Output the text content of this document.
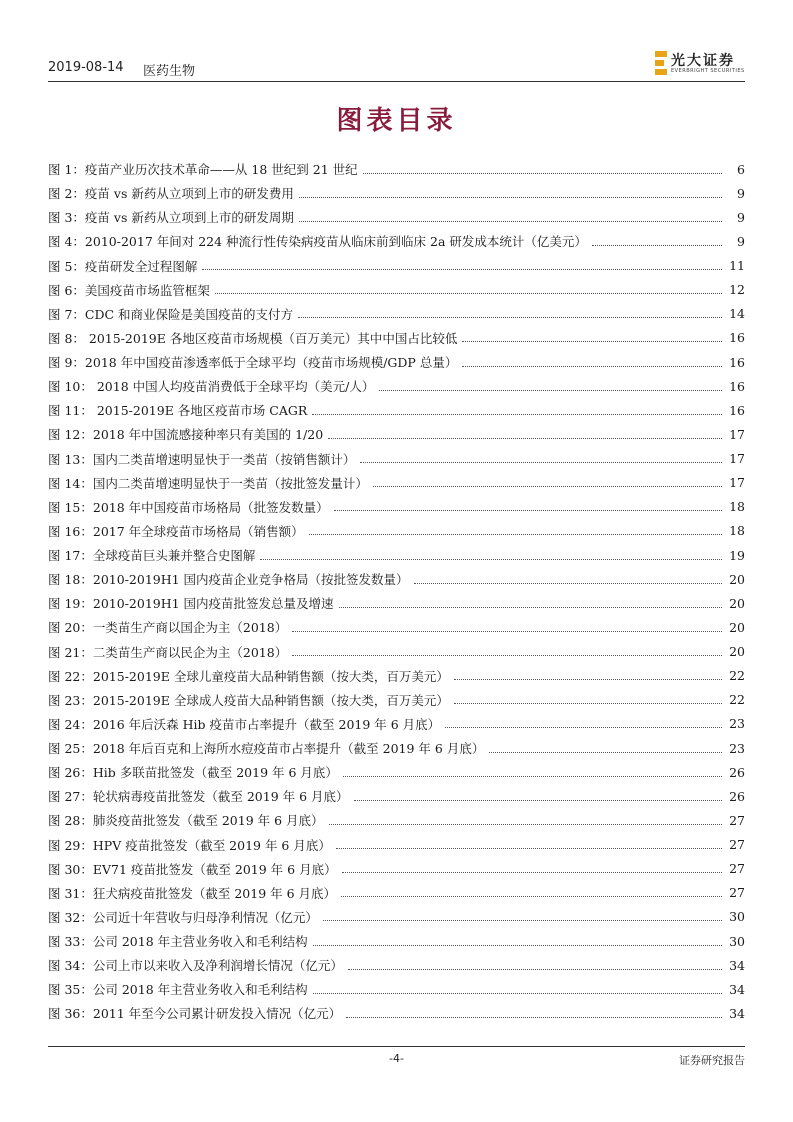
2019-08-14 医药生物
光大证券
EVERBRIGHT SECURITIES
图表目录
图 1：疫苗产业历次技术革命——从 18 世纪到 21 世纪	6
图 2：疫苗 vs 新药从立项到上市的研发费用	9
图 3：疫苗 vs 新药从立项到上市的研发周期	9
图 4：2010-2017 年间对 224 种流行性传染病疫苗从临床前到临床 2a 研发成本统计（亿美元）	9
图 5：疫苗研发全过程图解	11
图 6：美国疫苗市场监管框架	12
图 7：CDC 和商业保险是美国疫苗的支付方	14
图 8： 2015-2019E 各地区疫苗市场规模（百万美元）其中中国占比较低	16
图 9：2018 年中国疫苗渗透率低于全球平均（疫苗市场规模/GDP 总量）	16
图 10： 2018 中国人均疫苗消费低于全球平均（美元/人）	16
图 11： 2015-2019E 各地区疫苗市场 CAGR	16
图 12：2018 年中国流感接种率只有美国的 1/20	17
图 13：国内二类苗增速明显快于一类苗（按销售额计）	17
图 14：国内二类苗增速明显快于一类苗（按批签发量计）	17
图 15：2018 年中国疫苗市场格局（批签发数量）	18
图 16：2017 年全球疫苗市场格局（销售额）	18
图 17：全球疫苗巨头兼并整合史图解	19
图 18：2010-2019H1 国内疫苗企业竞争格局（按批签发数量）	20
图 19：2010-2019H1 国内疫苗批签发总量及增速	20
图 20：一类苗生产商以国企为主（2018）	20
图 21：二类苗生产商以民企为主（2018）	20
图 22：2015-2019E 全球儿童疫苗大品种销售额（按大类，百万美元）	22
图 23：2015-2019E 全球成人疫苗大品种销售额（按大类，百万美元）	22
图 24：2016 年后沃森 Hib 疫苗市占率提升（截至 2019 年 6 月底）	23
图 25：2018 年后百克和上海所水痘疫苗市占率提升（截至 2019 年 6 月底）	23
图 26：Hib 多联苗批签发（截至 2019 年 6 月底）	26
图 27：轮状病毒疫苗批签发（截至 2019 年 6 月底）	26
图 28：肺炎疫苗批签发（截至 2019 年 6 月底）	27
图 29：HPV 疫苗批签发（截至 2019 年 6 月底）	27
图 30：EV71 疫苗批签发（截至 2019 年 6 月底）	27
图 31：狂犬病疫苗批签发（截至 2019 年 6 月底）	27
图 32：公司近十年营收与归母净利情况（亿元）	30
图 33：公司 2018 年主营业务收入和毛利结构	30
图 34：公司上市以来收入及净利润增长情况（亿元）	34
图 35：公司 2018 年主营业务收入和毛利结构	34
图 36：2011 年至今公司累计研发投入情况（亿元）	34
-4-	证券研究报告
